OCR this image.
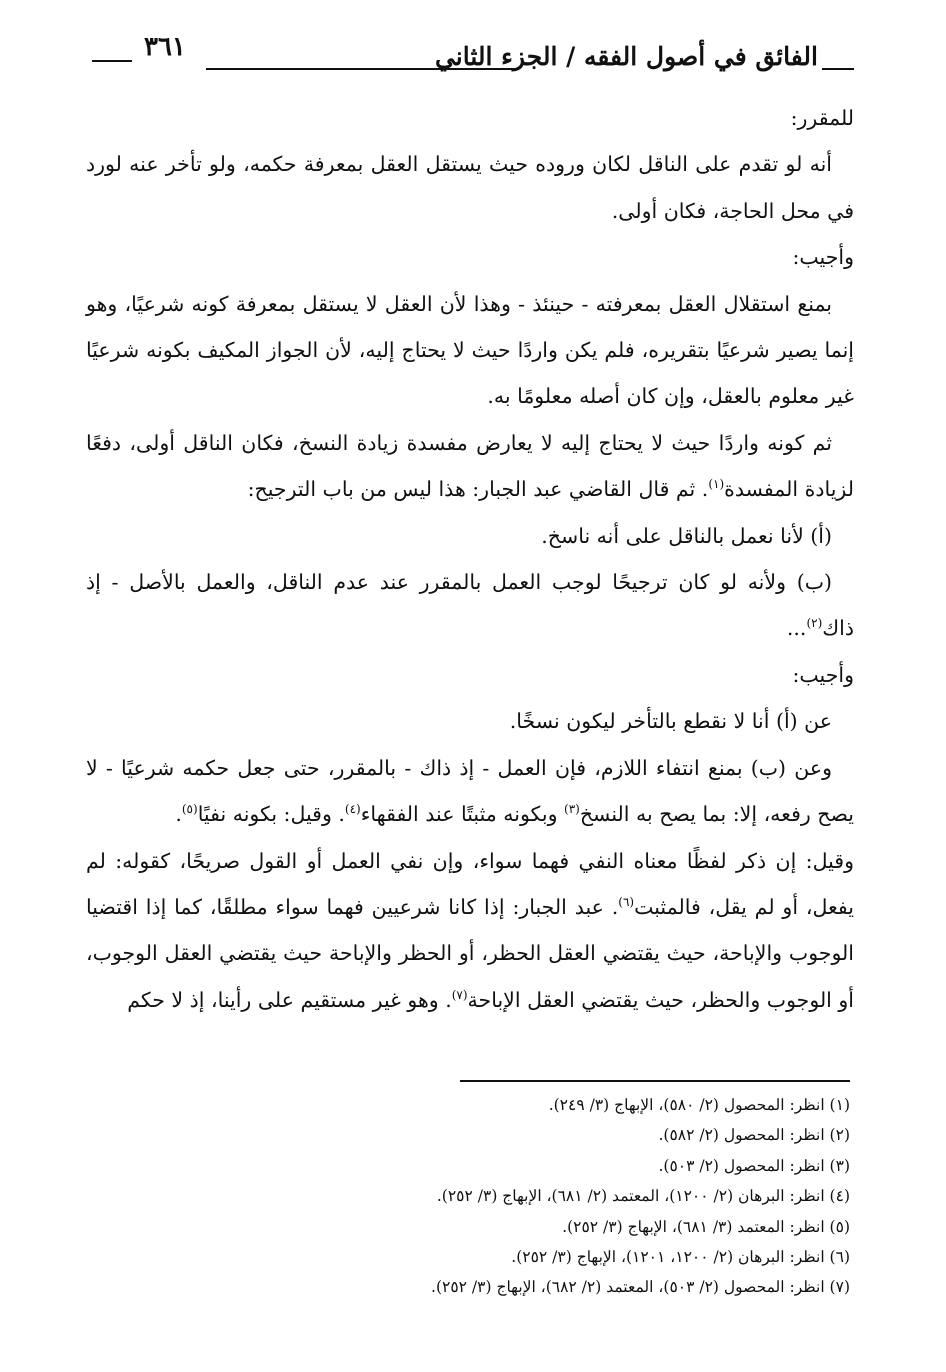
الفائق في أصول الفقه / الجزء الثاني
٣٦١

للمقرر:

أنه لو تقدم على الناقل لكان وروده حيث يستقل العقل بمعرفة حكمه، ولو تأخر عنه لورد في محل الحاجة، فكان أولى.

وأجيب:

بمنع استقلال العقل بمعرفته - حينئذ - وهذا لأن العقل لا يستقل بمعرفة كونه شرعيًا، وهو إنما يصير شرعيًا بتقريره، فلم يكن واردًا حيث لا يحتاج إليه، لأن الجواز المكيف بكونه شرعيًا غير معلوم بالعقل، وإن كان أصله معلومًا به.

ثم كونه واردًا حيث لا يحتاج إليه لا يعارض مفسدة زيادة النسخ، فكان الناقل أولى، دفعًا لزيادة المفسدة$^{(١)}$. ثم قال القاضي عبد الجبار: هذا ليس من باب الترجيح:

(أ) لأنا نعمل بالناقل على أنه ناسخ.

(ب) ولأنه لو كان ترجيحًا لوجب العمل بالمقرر عند عدم الناقل، والعمل بالأصل - إذ ذاك$^{(٢)}$...

وأجيب:

عن (أ) أنا لا نقطع بالتأخر ليكون نسخًا.

وعن (ب) بمنع انتفاء اللازم، فإن العمل - إذ ذاك - بالمقرر، حتى جعل حكمه شرعيًا - لا يصح رفعه، إلا: بما يصح به النسخ$^{(٣)}$ وبكونه مثبتًا عند الفقهاء$^{(٤)}$. وقيل: بكونه نفيًا$^{(٥)}$.

وقيل: إن ذكر لفظًا معناه النفي فهما سواء، وإن نفي العمل أو القول صريحًا، كقوله: لم يفعل، أو لم يقل، فالمثبت$^{(٦)}$. عبد الجبار: إذا كانا شرعيين فهما سواء مطلقًا، كما إذا اقتضيا الوجوب والإباحة، حيث يقتضي العقل الحظر، أو الحظر والإباحة حيث يقتضي العقل الوجوب، أو الوجوب والحظر، حيث يقتضي العقل الإباحة$^{(٧)}$. وهو غير مستقيم على رأينا، إذ لا حكم

(١) انظر: المحصول (٢/ ٥٨٠)، الإبهاج (٣/ ٢٤٩).
(٢) انظر: المحصول (٢/ ٥٨٢).
(٣) انظر: المحصول (٢/ ٥٠٣).
(٤) انظر: البرهان (٢/ ١٢٠٠)، المعتمد (٢/ ٦٨١)، الإبهاج (٣/ ٢٥٢).
(٥) انظر: المعتمد (٣/ ٦٨١)، الإبهاج (٣/ ٢٥٢).
(٦) انظر: البرهان (٢/ ١٢٠٠، ١٢٠١)، الإبهاج (٣/ ٢٥٢).
(٧) انظر: المحصول (٢/ ٥٠٣)، المعتمد (٢/ ٦٨٢)، الإبهاج (٣/ ٢٥٢).
